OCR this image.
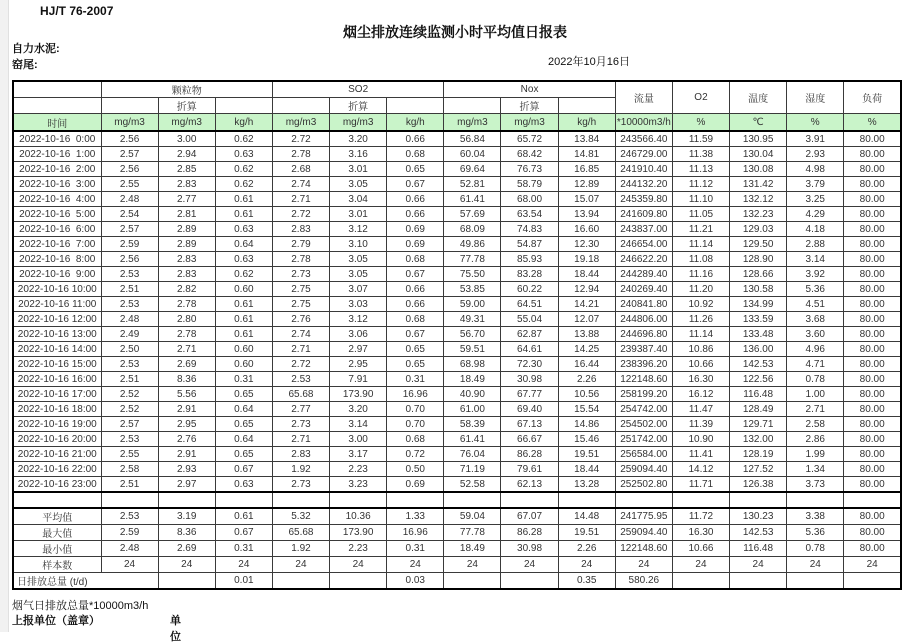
HJ/T 76-2007
烟尘排放连续监测小时平均值日报表
自力水泥:
窑尾:	2022年10月16日
	颗粒物			SO2			Nox			流量	O2	温度	湿度	负荷
		折算			折算			折算						
时间	mg/m3	mg/m3	kg/h	mg/m3	mg/m3	kg/h	mg/m3	mg/m3	kg/h	*10000m3/h	%	℃	%	%
2022-10-16  0:00	2.56	3.00	0.62	2.72	3.20	0.66	56.84	65.72	13.84	243566.40	11.59	130.95	3.91	80.00
2022-10-16  1:00	2.57	2.94	0.63	2.78	3.16	0.68	60.04	68.42	14.81	246729.00	11.38	130.04	2.93	80.00
2022-10-16  2:00	2.56	2.85	0.62	2.68	3.01	0.65	69.64	76.73	16.85	241910.40	11.13	130.08	4.98	80.00
2022-10-16  3:00	2.55	2.83	0.62	2.74	3.05	0.67	52.81	58.79	12.89	244132.20	11.12	131.42	3.79	80.00
2022-10-16  4:00	2.48	2.77	0.61	2.71	3.04	0.66	61.41	68.00	15.07	245359.80	11.10	132.12	3.25	80.00
2022-10-16  5:00	2.54	2.81	0.61	2.72	3.01	0.66	57.69	63.54	13.94	241609.80	11.05	132.23	4.29	80.00
2022-10-16  6:00	2.57	2.89	0.63	2.83	3.12	0.69	68.09	74.83	16.60	243837.00	11.21	129.03	4.18	80.00
2022-10-16  7:00	2.59	2.89	0.64	2.79	3.10	0.69	49.86	54.87	12.30	246654.00	11.14	129.50	2.88	80.00
2022-10-16  8:00	2.56	2.83	0.63	2.78	3.05	0.68	77.78	85.93	19.18	246622.20	11.08	128.90	3.14	80.00
2022-10-16  9:00	2.53	2.83	0.62	2.73	3.05	0.67	75.50	83.28	18.44	244289.40	11.16	128.66	3.92	80.00
2022-10-16 10:00	2.51	2.82	0.60	2.75	3.07	0.66	53.85	60.22	12.94	240269.40	11.20	130.58	5.36	80.00
2022-10-16 11:00	2.53	2.78	0.61	2.75	3.03	0.66	59.00	64.51	14.21	240841.80	10.92	134.99	4.51	80.00
2022-10-16 12:00	2.48	2.80	0.61	2.76	3.12	0.68	49.31	55.04	12.07	244806.00	11.26	133.59	3.68	80.00
2022-10-16 13:00	2.49	2.78	0.61	2.74	3.06	0.67	56.70	62.87	13.88	244696.80	11.14	133.48	3.60	80.00
2022-10-16 14:00	2.50	2.71	0.60	2.71	2.97	0.65	59.51	64.61	14.25	239387.40	10.86	136.00	4.96	80.00
2022-10-16 15:00	2.53	2.69	0.60	2.72	2.95	0.65	68.98	72.30	16.44	238396.20	10.66	142.53	4.71	80.00
2022-10-16 16:00	2.51	8.36	0.31	2.53	7.91	0.31	18.49	30.98	2.26	122148.60	16.30	122.56	0.78	80.00
2022-10-16 17:00	2.52	5.56	0.65	65.68	173.90	16.96	40.90	67.77	10.56	258199.20	16.12	116.48	1.00	80.00
2022-10-16 18:00	2.52	2.91	0.64	2.77	3.20	0.70	61.00	69.40	15.54	254742.00	11.47	128.49	2.71	80.00
2022-10-16 19:00	2.57	2.95	0.65	2.73	3.14	0.70	58.39	67.13	14.86	254502.00	11.39	129.71	2.58	80.00
2022-10-16 20:00	2.53	2.76	0.64	2.71	3.00	0.68	61.41	66.67	15.46	251742.00	10.90	132.00	2.86	80.00
2022-10-16 21:00	2.55	2.91	0.65	2.83	3.17	0.72	76.04	86.28	19.51	256584.00	11.41	128.19	1.99	80.00
2022-10-16 22:00	2.58	2.93	0.67	1.92	2.23	0.50	71.19	79.61	18.44	259094.40	14.12	127.52	1.34	80.00
2022-10-16 23:00	2.51	2.97	0.63	2.73	3.23	0.69	52.58	62.13	13.28	252502.80	11.71	126.38	3.73	80.00

平均值	2.53	3.19	0.61	5.32	10.36	1.33	59.04	67.07	14.48	241775.95	11.72	130.23	3.38	80.00
最大值	2.59	8.36	0.67	65.68	173.90	16.96	77.78	86.28	19.51	259094.40	16.30	142.53	5.36	80.00
最小值	2.48	2.69	0.31	1.92	2.23	0.31	18.49	30.98	2.26	122148.60	10.66	116.48	0.78	80.00
样本数	24	24	24	24	24	24	24	24	24	24	24	24	24	24
日排放总量 (t/d)			0.01			0.03			0.35	580.26				
烟气日排放总量*10000m3/h
上报单位（盖章）	单位
